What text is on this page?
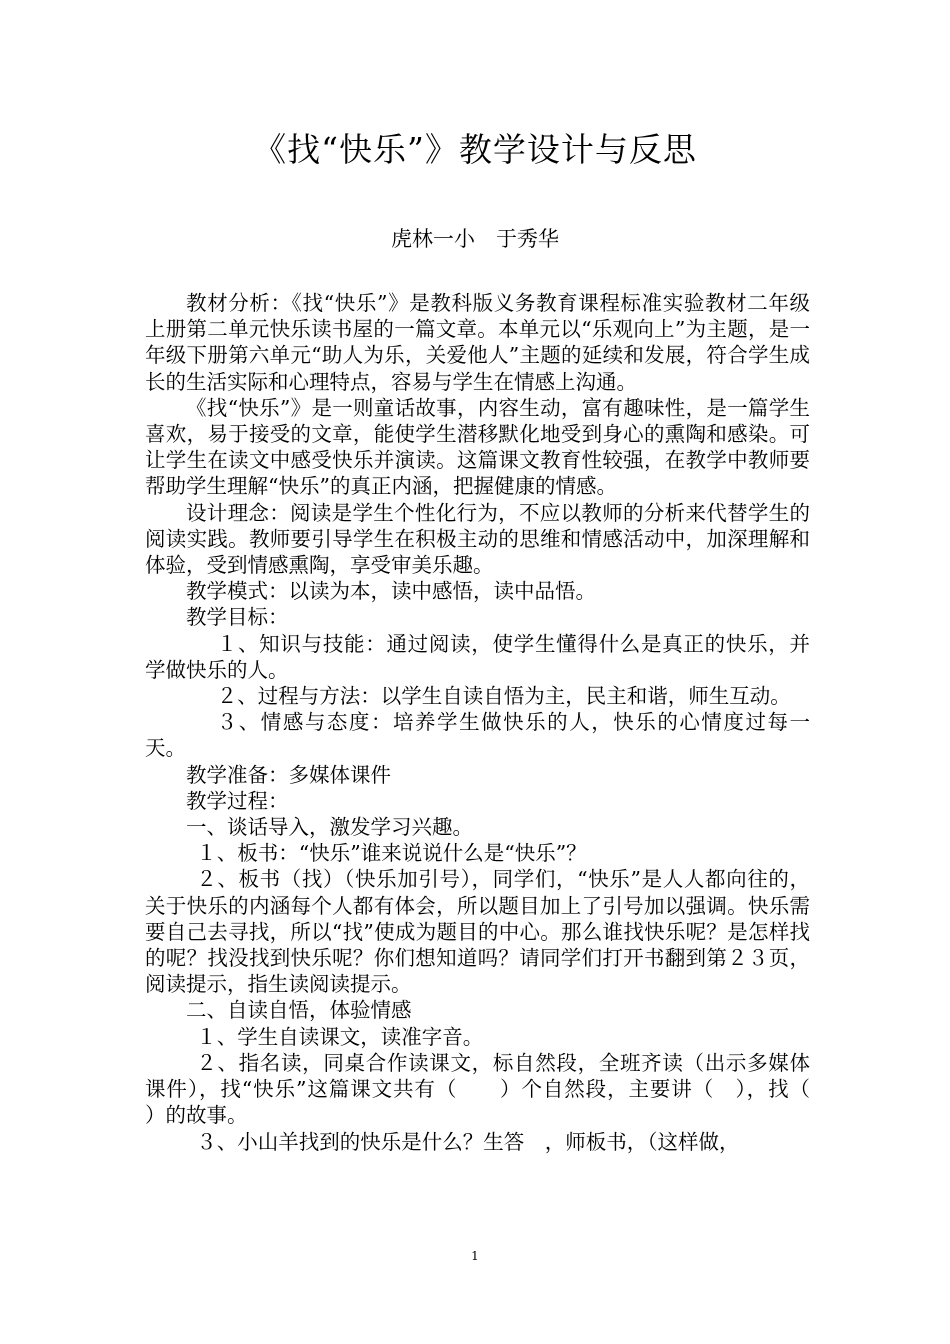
《找“快乐”》教学设计与反思
虎林一小　于秀华

教材分析：《找“快乐”》是教科版义务教育课程标准实验教材二年级上册第二单元快乐读书屋的一篇文章。本单元以“乐观向上”为主题，是一年级下册第六单元“助人为乐，关爱他人”主题的延续和发展，符合学生成长的生活实际和心理特点，容易与学生在情感上沟通。

《找“快乐”》是一则童话故事，内容生动，富有趣味性，是一篇学生喜欢，易于接受的文章，能使学生潜移默化地受到身心的熏陶和感染。可让学生在读文中感受快乐并演读。这篇课文教育性较强，在教学中教师要帮助学生理解“快乐”的真正内涵，把握健康的情感。

设计理念：阅读是学生个性化行为，不应以教师的分析来代替学生的阅读实践。教师要引导学生在积极主动的思维和情感活动中，加深理解和体验，受到情感熏陶，享受审美乐趣。

教学模式：以读为本，读中感悟，读中品悟。

教学目标：

１、知识与技能：通过阅读，使学生懂得什么是真正的快乐，并学做快乐的人。

２、过程与方法：以学生自读自悟为主，民主和谐，师生互动。

３、情感与态度：培养学生做快乐的人，快乐的心情度过每一天。

教学准备：多媒体课件

教学过程：

一、谈话导入，激发学习兴趣。

１、板书：“快乐”谁来说说什么是“快乐”？

２、板书（找）（快乐加引号），同学们，“快乐”是人人都向往的，关于快乐的内涵每个人都有体会，所以题目加上了引号加以强调。快乐需要自己去寻找，所以“找”使成为题目的中心。那么谁找快乐呢？是怎样找的呢？找没找到快乐呢？你们想知道吗？请同学们打开书翻到第２３页，阅读提示，指生读阅读提示。

二、自读自悟，体验情感

１、学生自读课文，读准字音。

２、指名读，同桌合作读课文，标自然段，全班齐读（出示多媒体课件），找“快乐”这篇课文共有（　　）个自然段，主要讲（　），找（　　　）的故事。

３、小山羊找到的快乐是什么？生答　，师板书，（这样做，

1
